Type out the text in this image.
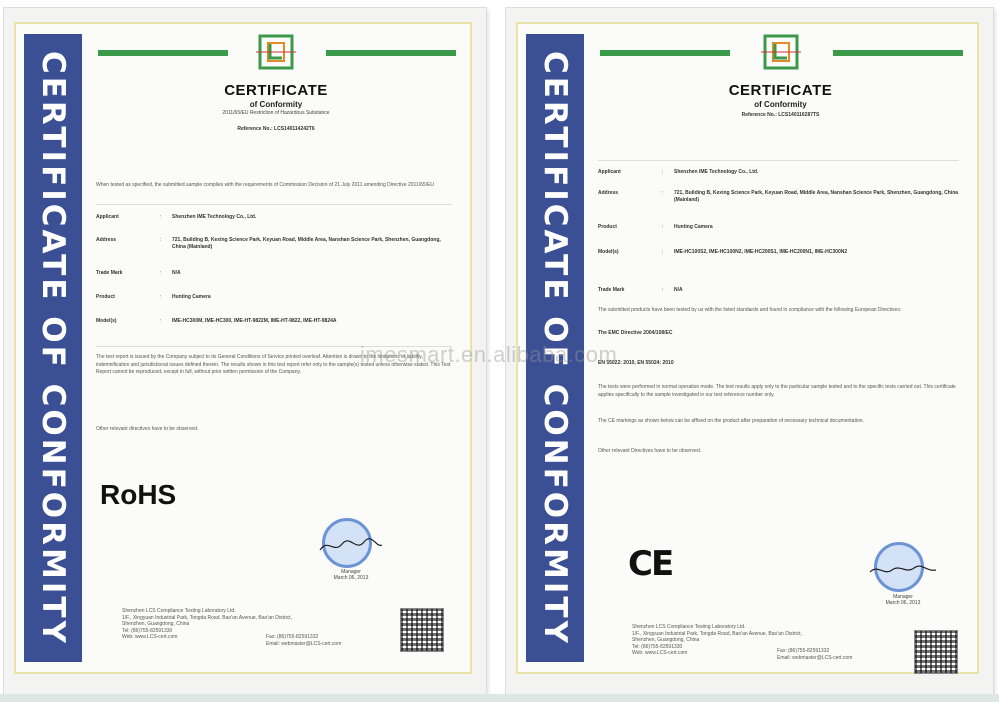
CERTIFICATE OF CONFORMITY	CERTIFICATE
of Conformity
2011/65/EU Restriction of Hazardous Substance
Reference No.: LCS140114242T6
When tested as specified, the submitted sample complies with the requirements of Commission Decision of 21 July 2011 amending Directive 2011/65/EU
Applicant	:	Shenzhen IME Technology Co., Ltd.
Address	:	721, Building B, Kexing Science Park, Keyuan Road, Middle Area, Nanshan Science Park, Shenzhen, Guangdong, China (Mainland)
Trade Mark	:	N/A
Product	:	Hunting Camera
Model(s)	:	IME-HC300M, IME-HC300, IME-HT-9822M, IME-HT-9822, IME-HT-9824A
The test report is issued by the Company subject to its General Conditions of Service printed overleaf. Attention is drawn to the limitations of liability, indemnification and jurisdictional issues defined therein. The results shown in this test report refer only to the sample(s) tested unless otherwise stated. This Test Report cannot be reproduced, except in full, without prior written permission of the Company.
Other relevant directives have to be observed.
RoHS
Manager
March 06, 2013
Shenzhen LCS Compliance Testing Laboratory Ltd.
1/F., Xingyuan Industrial Park, Tongda Road, Bao'an Avenue, Bao'an District,
Shenzhen, Guangdong, China
Tel: (86)755-82591330
Web: www.LCS-cert.com	Fax: (86)755-82591332
Email: webmaster@LCS-cert.com	CERTIFICATE OF CONFORMITY	CERTIFICATE
of Conformity
Reference No.: LCS140116287TS
Applicant	:	Shenzhen IME Technology Co., Ltd.
Address	:	721, Building B, Kexing Science Park, Keyuan Road, Middle Area, Nanshan Science Park, Shenzhen, Guangdong, China (Mainland)
Product	:	Hunting Camera
Model(s)	:	IME-HC100S2, IME-HC100N2, IME-HC200S1, IME-HC200N1, IME-HC300N2
Trade Mark	:	N/A
The submitted products have been tested by us with the listed standards and found in compliance with the following European Directives:
The EMC Directive 2004/108/EC
EN 55022: 2010, EN 55024: 2010
The tests were performed in normal operation mode. The test results apply only to the particular sample tested and to the specific tests carried out. This certificate applies specifically to the sample investigated in our test reference number only.
The CE markings as shown below can be affixed on the product after preparation of necessary technical documentation.
Other relevant Directives have to be observed.
CE
Manager
March 06, 2013
Shenzhen LCS Compliance Testing Laboratory Ltd.
1/F., Xingyuan Industrial Park, Tongda Road, Bao'an Avenue, Bao'an District,
Shenzhen, Guangdong, China
Tel: (86)755-82591330
Web: www.LCS-cert.com	Fax: (86)755-82591332
Email: webmaster@LCS-cert.com
imesmart.en.alibaba.com
